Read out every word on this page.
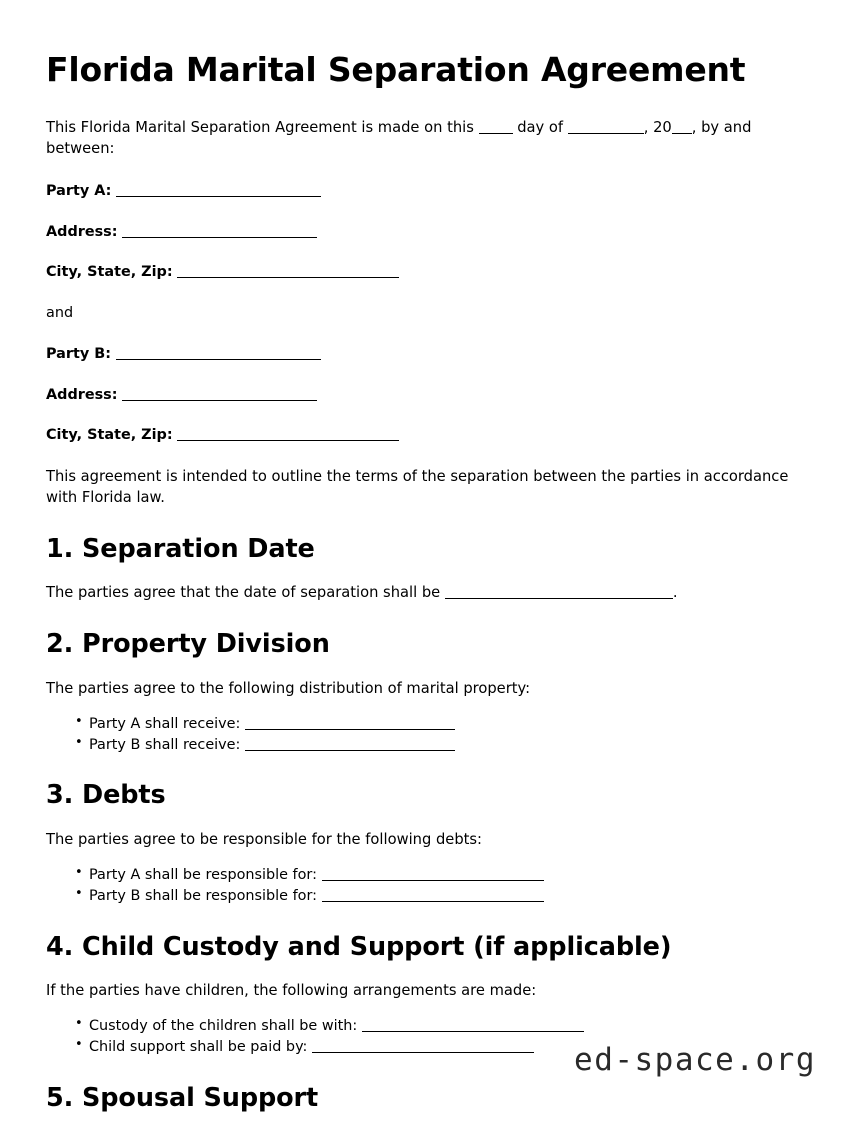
Florida Marital Separation Agreement

This Florida Marital Separation Agreement is made on this	day of	, 20 , by and between:

Party A:
Address:
City, State, Zip:
and
Party B:
Address:
City, State, Zip:

This agreement is intended to outline the terms of the separation between the parties in accordance with Florida law.

1. Separation Date

The parties agree that the date of separation shall be	.

2. Property Division

The parties agree to the following distribution of marital property:

• Party A shall receive:
• Party B shall receive:
3. Debts

The parties agree to be responsible for the following debts:

• Party A shall be responsible for:
• Party B shall be responsible for:
4. Child Custody and Support (if applicable)

If the parties have children, the following arrangements are made:

• Custody of the children shall be with:
• Child support shall be paid by:
5. Spousal Support
ed-space.org
